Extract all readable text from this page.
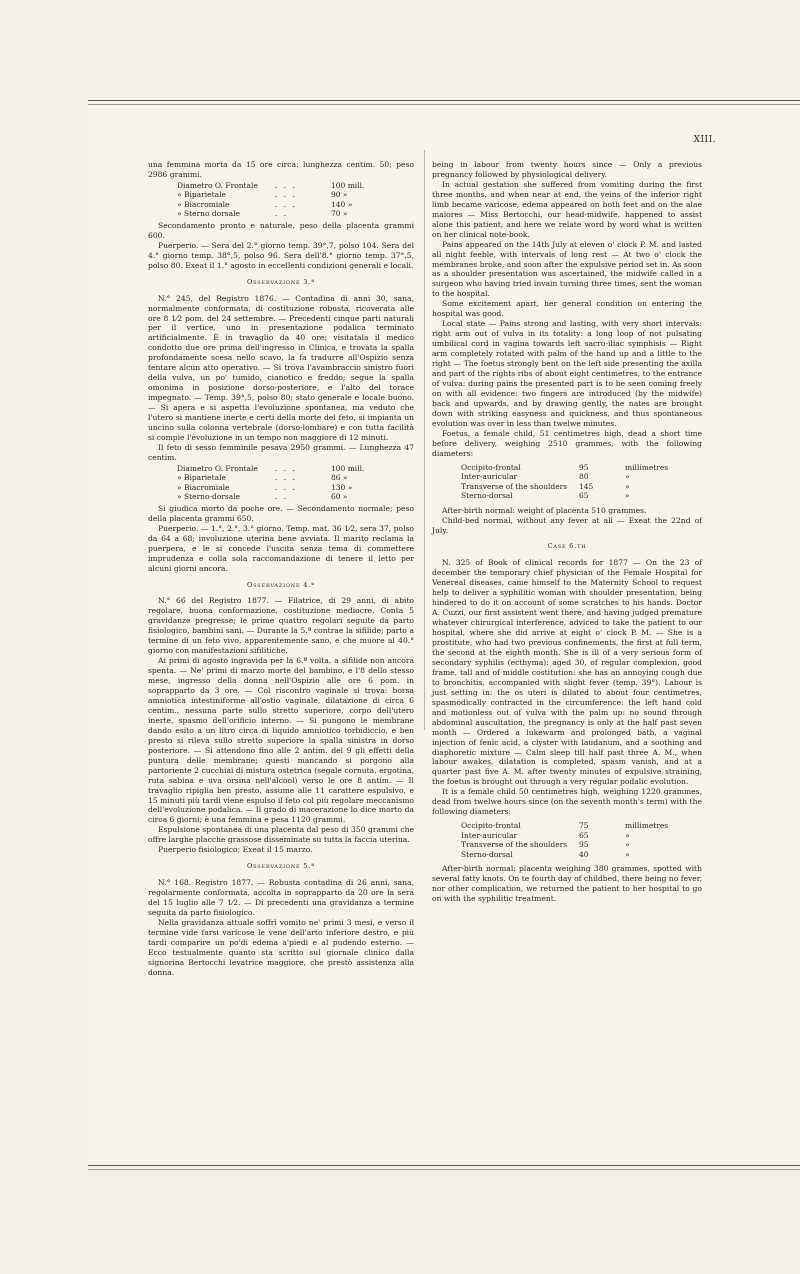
XIII.

una femmina morta da 15 ore circa: lunghezza centim. 50; peso 2986 grammi.

Diametro O. Frontale	. . .	100 mill.
» Biparietale	. . .	90 »
» Biacromiale	. . .	140 »
» Sterno dorsale	. .	70 »

Secondamento pronto e naturale, peso della placenta grammi 600.

Puerperio. — Sera del 2.° giorno temp. 39°,7, polso 104. Sera del 4.° giorno temp. 38°,5, polso 96. Sera dell'8.° giorno temp. 37°,5, polso 80. Exeat il 1.° agosto in eccellenti condizioni generali e locali.

Osservazione 3.ª

N.° 245, del Registro 1876. — Contadina di anni 30, sana, normalmente conformata, di costituzione robusta, ricoverata alle ore 8 1⁄2 pom. del 24 settembre. — Precedenti cinque parti naturali per il vertice, uno in presentazione podalica terminato artificialmente. È in travaglio da 40 ore; visitatala il medico condotto due ore prima dell'ingresso in Clinica, e trovata la spalla profondamente scesa nello scavo, la fa tradurre all'Ospizio senza tentare alcun atto operativo. — Si trova l'avambraccio sinistro fuori della vulva, un po' tumido, cianotico e freddo; segue la spalla omonima in posizione dorso-posteriore, e l'alto del torace impegnato. — Temp. 39°,5, polso 80; stato generale e locale buono. — Si apera e si aspetta l'evoluzione spontanea, ma veduto che l'utero si mantiene inerte e certi della morte del feto, si impianta un uncino sulla colonna vertebrale (dorso-lombare) e con tutta facilità si compie l'evoluzione in un tempo non maggiore di 12 minuti.

Il feto di sesso femminile pesava 2950 grammi. — Lunghezza 47 centim.

Diametro O. Frontale	. . .	100 mill.
» Biparietale	. . .	86 »
» Biacromiale	. . .	130 »
» Sterno-dorsale	. .	60 »

Si giudica morto da poche ore. — Secondamento normale; peso della placenta grammi 650.

Puerperio. — 1.°, 2.°, 3.° giorno. Temp. mat. 36 1⁄2, sera 37, polso da 64 a 68; involuzione uterina bene avviata. Il marito reclama la puerpera, e le si concede l'uscita senza tema di commettere imprudenza e colla sola raccomandazione di tenere il letto per alcuni giorni ancora.

Osservazione 4.ª

N.° 66 del Registro 1877. — Filatrice, di 29 anni, di abito regolare, buona conformazione, costituzione mediocre. Conta 5 gravidanze pregresse; le prime quattro regolari seguite da parto fisiologico, bambini sani. — Durante la 5.ª contrae la sifilide; parto a termine di un feto vivo, apparentemente sano, e che muore al 40.° giorno con manifestazioni sifilitiche.

Ai primi di agosto ingravida per la 6.ª volta, a sifilide non ancora spenta. — Ne' primi di marzo morte del bambino, e l'8 dello stesso mese, ingresso della donna nell'Ospizio alle ore 6 pom. in soprapparto da 3 ore. — Col riscontro vaginale si trova: borsa amniotica intestiniforme all'ostio vaginale, dilatazione di circa 6 centim., nessuna parte sullo stretto superiore, corpo dell'utero inerte, spasmo dell'orificio interno. — Si pungono le membrane dando esito a un litro circa di liquido amniotico torbidiccio, e ben presto si rileva sullo stretto superiore la spalla sinistra in dorso posteriore. — Si attendono fino alle 2 antim. del 9 gli effetti della puntura delle membrane; questi mancando si porgono alla partoriente 2 cucchiai di mistura ostetrica (segale cornuta, ergotina, ruta sabina e uva orsina nell'alcool) verso le ore 8 antim. — Il travaglio ripiglia ben presto, assume alle 11 carattere espulsivo, e 15 minuti più tardi viene espulso il feto col più regolare meccanismo dell'evoluzione podalica. — Il grado di macerazione lo dice morto da circa 6 giorni; è una femmina e pesa 1120 grammi.

Espulsione spontanea di una placenta dal peso di 350 grammi che offre larghe placche grassose disseminate su tutta la faccia uterina.

Puerperio fisiologico; Exeat il 15 marzo.

Osservazione 5.ª

N.° 168. Registro 1877. — Robusta contadina di 26 anni, sana, regolarmente conformata, accolta in soprapparto da 20 ore la sera del 15 luglio alle 7 1⁄2. — Di precedenti una gravidanza a termine seguita da parto fisiologico.

Nella gravidanza attuale soffrì vomito ne' primi 3 mesi, e verso il termine vide farsi varicose le vene dell'arto inferiore destro, e più tardi comparire un po'di edema a'piedi e al pudendo esterno. — Ecco testualmente quanto sta scritto sul giornale clinico dalla signorina Bertocchi levatrice maggiore, che prestò assistenza alla donna.

being in labour from twenty hours since — Only a previous pregnancy followed by physiological delivery.

In actual gestation she suffered from vomiting during the first three months, and when near at end, the veins of the inferior right limb became varicose, edema appeared on both feet and on the alae maiores — Miss Bertocchi, our head-midwife, happened to assist alone this patient, and here we relate word by word what is written on her clinical note-book.

Pains appeared on the 14th July at eleven o' clock P. M. and lasted all night feeble, with intervals of long rest — At two o' clock the membranes broke, and soon after the expulsive period set in. As soon as a shoulder presentation was ascertained, the midwife called in a surgeon who having tried invain turning three times, sent the woman to the hospital.

Some excitement apart, her general condition on entering the hospital was good.

Local state — Pains strong and lasting, with very short intervals: right arm out of vulva in its totality: a long loop of not pulsating umbilical cord in vagina towards left sacro-iliac symphisis — Right arm completely rotated with palm of the hand up and a little to the right — The foetus strongly bent on the left side presenting the axilla and part of the rights ribs of about eight centimetres, to the entrance of vulva: during pains the presented part is to be seen coming freely on with all evidence: two fingers are introduced (by the midwife) back and upwards, and by drawing gently, the nates are brought down with striking easyness and quickness, and thus spontaneous evolution was over in less than twelwe minutes.

Foetus, a female child, 51 centimetres high, dead a short time before delivery, weighing 2510 grammes, with the following diameters:

Occipito-frontal	95	millimetres
Inter-auricular	80	»
Transverse of the shoulders	145	»
Sterno-dorsal	65	»

After-birth normal: weight of placenta 510 grammes.

Child-bed normal, without any fever at all — Exeat the 22nd of July.

Case 6.th

N. 325 of Book of clinical records for 1877 — On the 23 of december the temporary chief physician of the Female Hospital for Venereal diseases, came himself to the Maternity School to request help to deliver a syphilitic woman with shoulder presentation, being hindered to do it on account of some scratches to his hands. Doctor A. Cuzzi, our first assistent went there, and having judged premature whatever chirurgical interference, adviced to take the patient to our hospital, where she did arrive at eight o' clock P. M. — She is a prostitute, who had two previous confinements, the first at full term, the second at the eighth month. She is ill of a very serious form of secondary syphilis (ecthyma): aged 30, of regular complexion, good frame, tall and of middle costitution: she has an annoying cough due to bronchitis, accompanied with slight fever (temp. 39°). Labour is just setting in: the os uteri is dilated to about four centimetres, spasmodically contracted in the circumference: the left hand cold and motionless out of vulva with the palm up: no sound through abdominal auscultation, the pregnancy is only at the half past seven month — Ordered a lukewarm and prolonged bath, a vaginal injection of fenic acid, a clyster with laudanum, and a soothing and diaphoretic mixture — Calm sleep till half past three A. M., when labour awakes, dilatation is completed, spasm vanish, and at a quarter past five A. M. after twenty minutes of expulsive straining, the foetus is brought out through a very regular podalic evolution.

It is a female child 50 centimetres high, weighing 1220 grammes, dead from twelwe hours since (on the seventh month's term) with the following diameters:

Occipito-frontal	75	millimetres
Inter-auricular	65	»
Transverse of the shoulders	95	»
Sterno-dorsal	40	»

After-birth normal: placenta weighing 380 grammes, spotted with several fatty knots. On te fourth day of childbed, there being no fever, nor other complication, we returned the patient to her hospital to go on with the syphilitic treatment.
